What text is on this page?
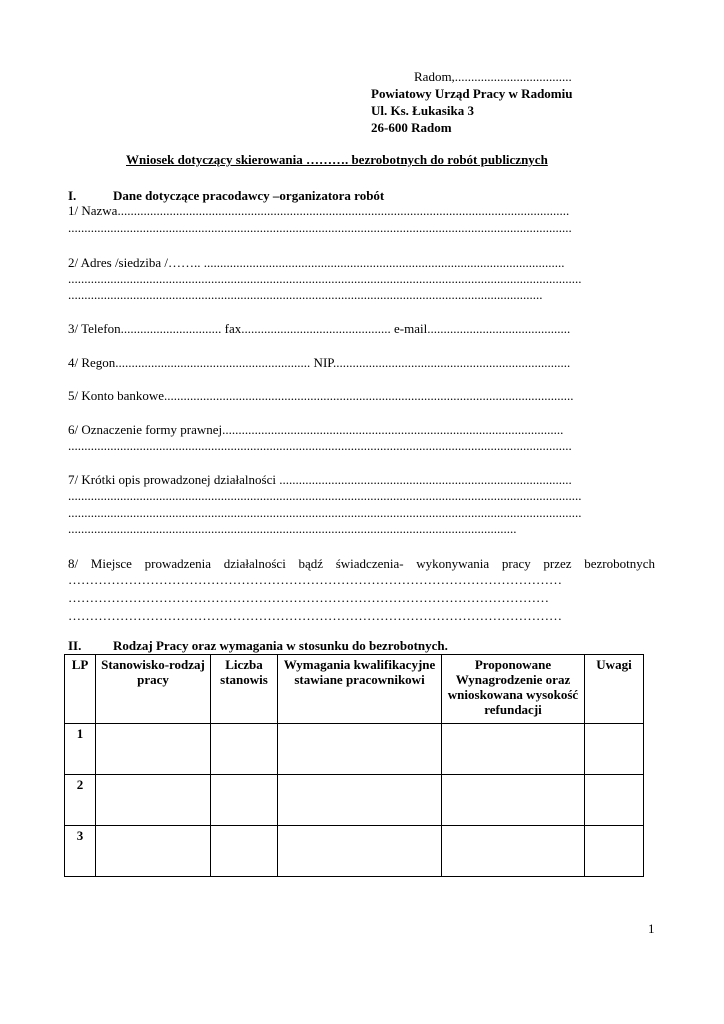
Radom,....................................
Powiatowy Urząd Pracy w Radomiu
Ul. Ks. Łukasika 3
26-600 Radom
Wniosek dotyczący skierowania ………. bezrobotnych do robót publicznych
I.	Dane dotyczące pracodawcy –organizatora robót
1/ Nazwa...........................................................................................................................................
...........................................................................................................................................................
2/ Adres /siedziba /…….. ...............................................................................................................
..............................................................................................................................................................
..................................................................................................................................................
3/ Telefon............................... fax.............................................. e-mail............................................
4/ Regon............................................................ NIP.........................................................................
5/ Konto bankowe..............................................................................................................................
6/ Oznaczenie formy prawnej.........................................................................................................
...........................................................................................................................................................
7/ Krótki opis prowadzonej działalności ..........................................................................................
..............................................................................................................................................................
..............................................................................................................................................................
..........................................................................................................................................
8/ Miejsce prowadzenia działalności bądź świadczenia- wykonywania pracy przez bezrobotnych
……………………………………………………………………………………………………
…………………………………………………………………………………………………
……………………………………………………………………………………………………
II. Rodzaj Pracy oraz wymagania w stosunku do bezrobotnych.
LP	Stanowisko-rodzaj pracy	Liczba stanowis	Wymagania kwalifikacyjne stawiane pracownikowi	Proponowane Wynagrodzenie oraz wnioskowana wysokość refundacji	Uwagi
1					
2					
3					
1
